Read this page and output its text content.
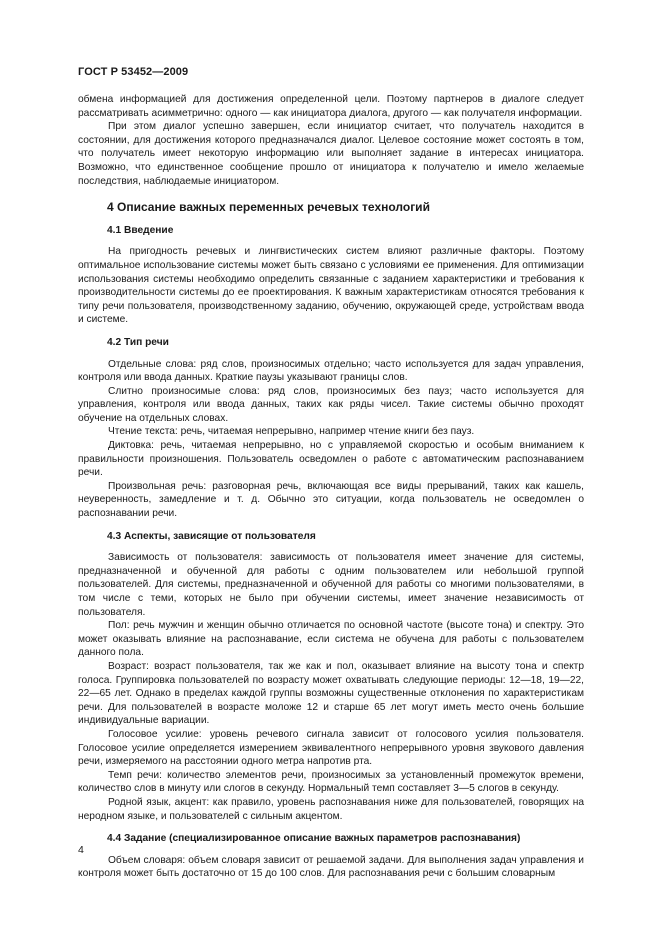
ГОСТ Р 53452—2009

обмена информацией для достижения определенной цели. Поэтому партнеров в диалоге следует рассматривать асимметрично: одного — как инициатора диалога, другого — как получателя информации.

При этом диалог успешно завершен, если инициатор считает, что получатель находится в состоянии, для достижения которого предназначался диалог. Целевое состояние может состоять в том, что получатель имеет некоторую информацию или выполняет задание в интересах инициатора. Возможно, что единственное сообщение прошло от инициатора к получателю и имело желаемые последствия, наблюдаемые инициатором.

4 Описание важных переменных речевых технологий
4.1 Введение

На пригодность речевых и лингвистических систем влияют различные факторы. Поэтому оптимальное использование системы может быть связано с условиями ее применения. Для оптимизации использования системы необходимо определить связанные с заданием характеристики и требования к производительности системы до ее проектирования. К важным характеристикам относятся требования к типу речи пользователя, производственному заданию, обучению, окружающей среде, устройствам ввода и системе.

4.2 Тип речи

Отдельные слова: ряд слов, произносимых отдельно; часто используется для задач управления, контроля или ввода данных. Краткие паузы указывают границы слов.

Слитно произносимые слова: ряд слов, произносимых без пауз; часто используется для управления, контроля или ввода данных, таких как ряды чисел. Такие системы обычно проходят обучение на отдельных словах.

Чтение текста: речь, читаемая непрерывно, например чтение книги без пауз.

Диктовка: речь, читаемая непрерывно, но с управляемой скоростью и особым вниманием к правильности произношения. Пользователь осведомлен о работе с автоматическим распознаванием речи.

Произвольная речь: разговорная речь, включающая все виды прерываний, таких как кашель, неуверенность, замедление и т. д. Обычно это ситуации, когда пользователь не осведомлен о распознавании речи.

4.3 Аспекты, зависящие от пользователя

Зависимость от пользователя: зависимость от пользователя имеет значение для системы, предназначенной и обученной для работы с одним пользователем или небольшой группой пользователей. Для системы, предназначенной и обученной для работы со многими пользователями, в том числе с теми, которых не было при обучении системы, имеет значение независимость от пользователя.

Пол: речь мужчин и женщин обычно отличается по основной частоте (высоте тона) и спектру. Это может оказывать влияние на распознавание, если система не обучена для работы с пользователем данного пола.

Возраст: возраст пользователя, так же как и пол, оказывает влияние на высоту тона и спектр голоса. Группировка пользователей по возрасту может охватывать следующие периоды: 12—18, 19—22, 22—65 лет. Однако в пределах каждой группы возможны существенные отклонения по характеристикам речи. Для пользователей в возрасте моложе 12 и старше 65 лет могут иметь место очень большие индивидуальные вариации.

Голосовое усилие: уровень речевого сигнала зависит от голосового усилия пользователя. Голосовое усилие определяется измерением эквивалентного непрерывного уровня звукового давления речи, измеряемого на расстоянии одного метра напротив рта.

Темп речи: количество элементов речи, произносимых за установленный промежуток времени, количество слов в минуту или слогов в секунду. Нормальный темп составляет 3—5 слогов в секунду.

Родной язык, акцент: как правило, уровень распознавания ниже для пользователей, говорящих на неродном языке, и пользователей с сильным акцентом.

4.4 Задание (специализированное описание важных параметров распознавания)

Объем словаря: объем словаря зависит от решаемой задачи. Для выполнения задач управления и контроля может быть достаточно от 15 до 100 слов. Для распознавания речи с большим словарным

4
